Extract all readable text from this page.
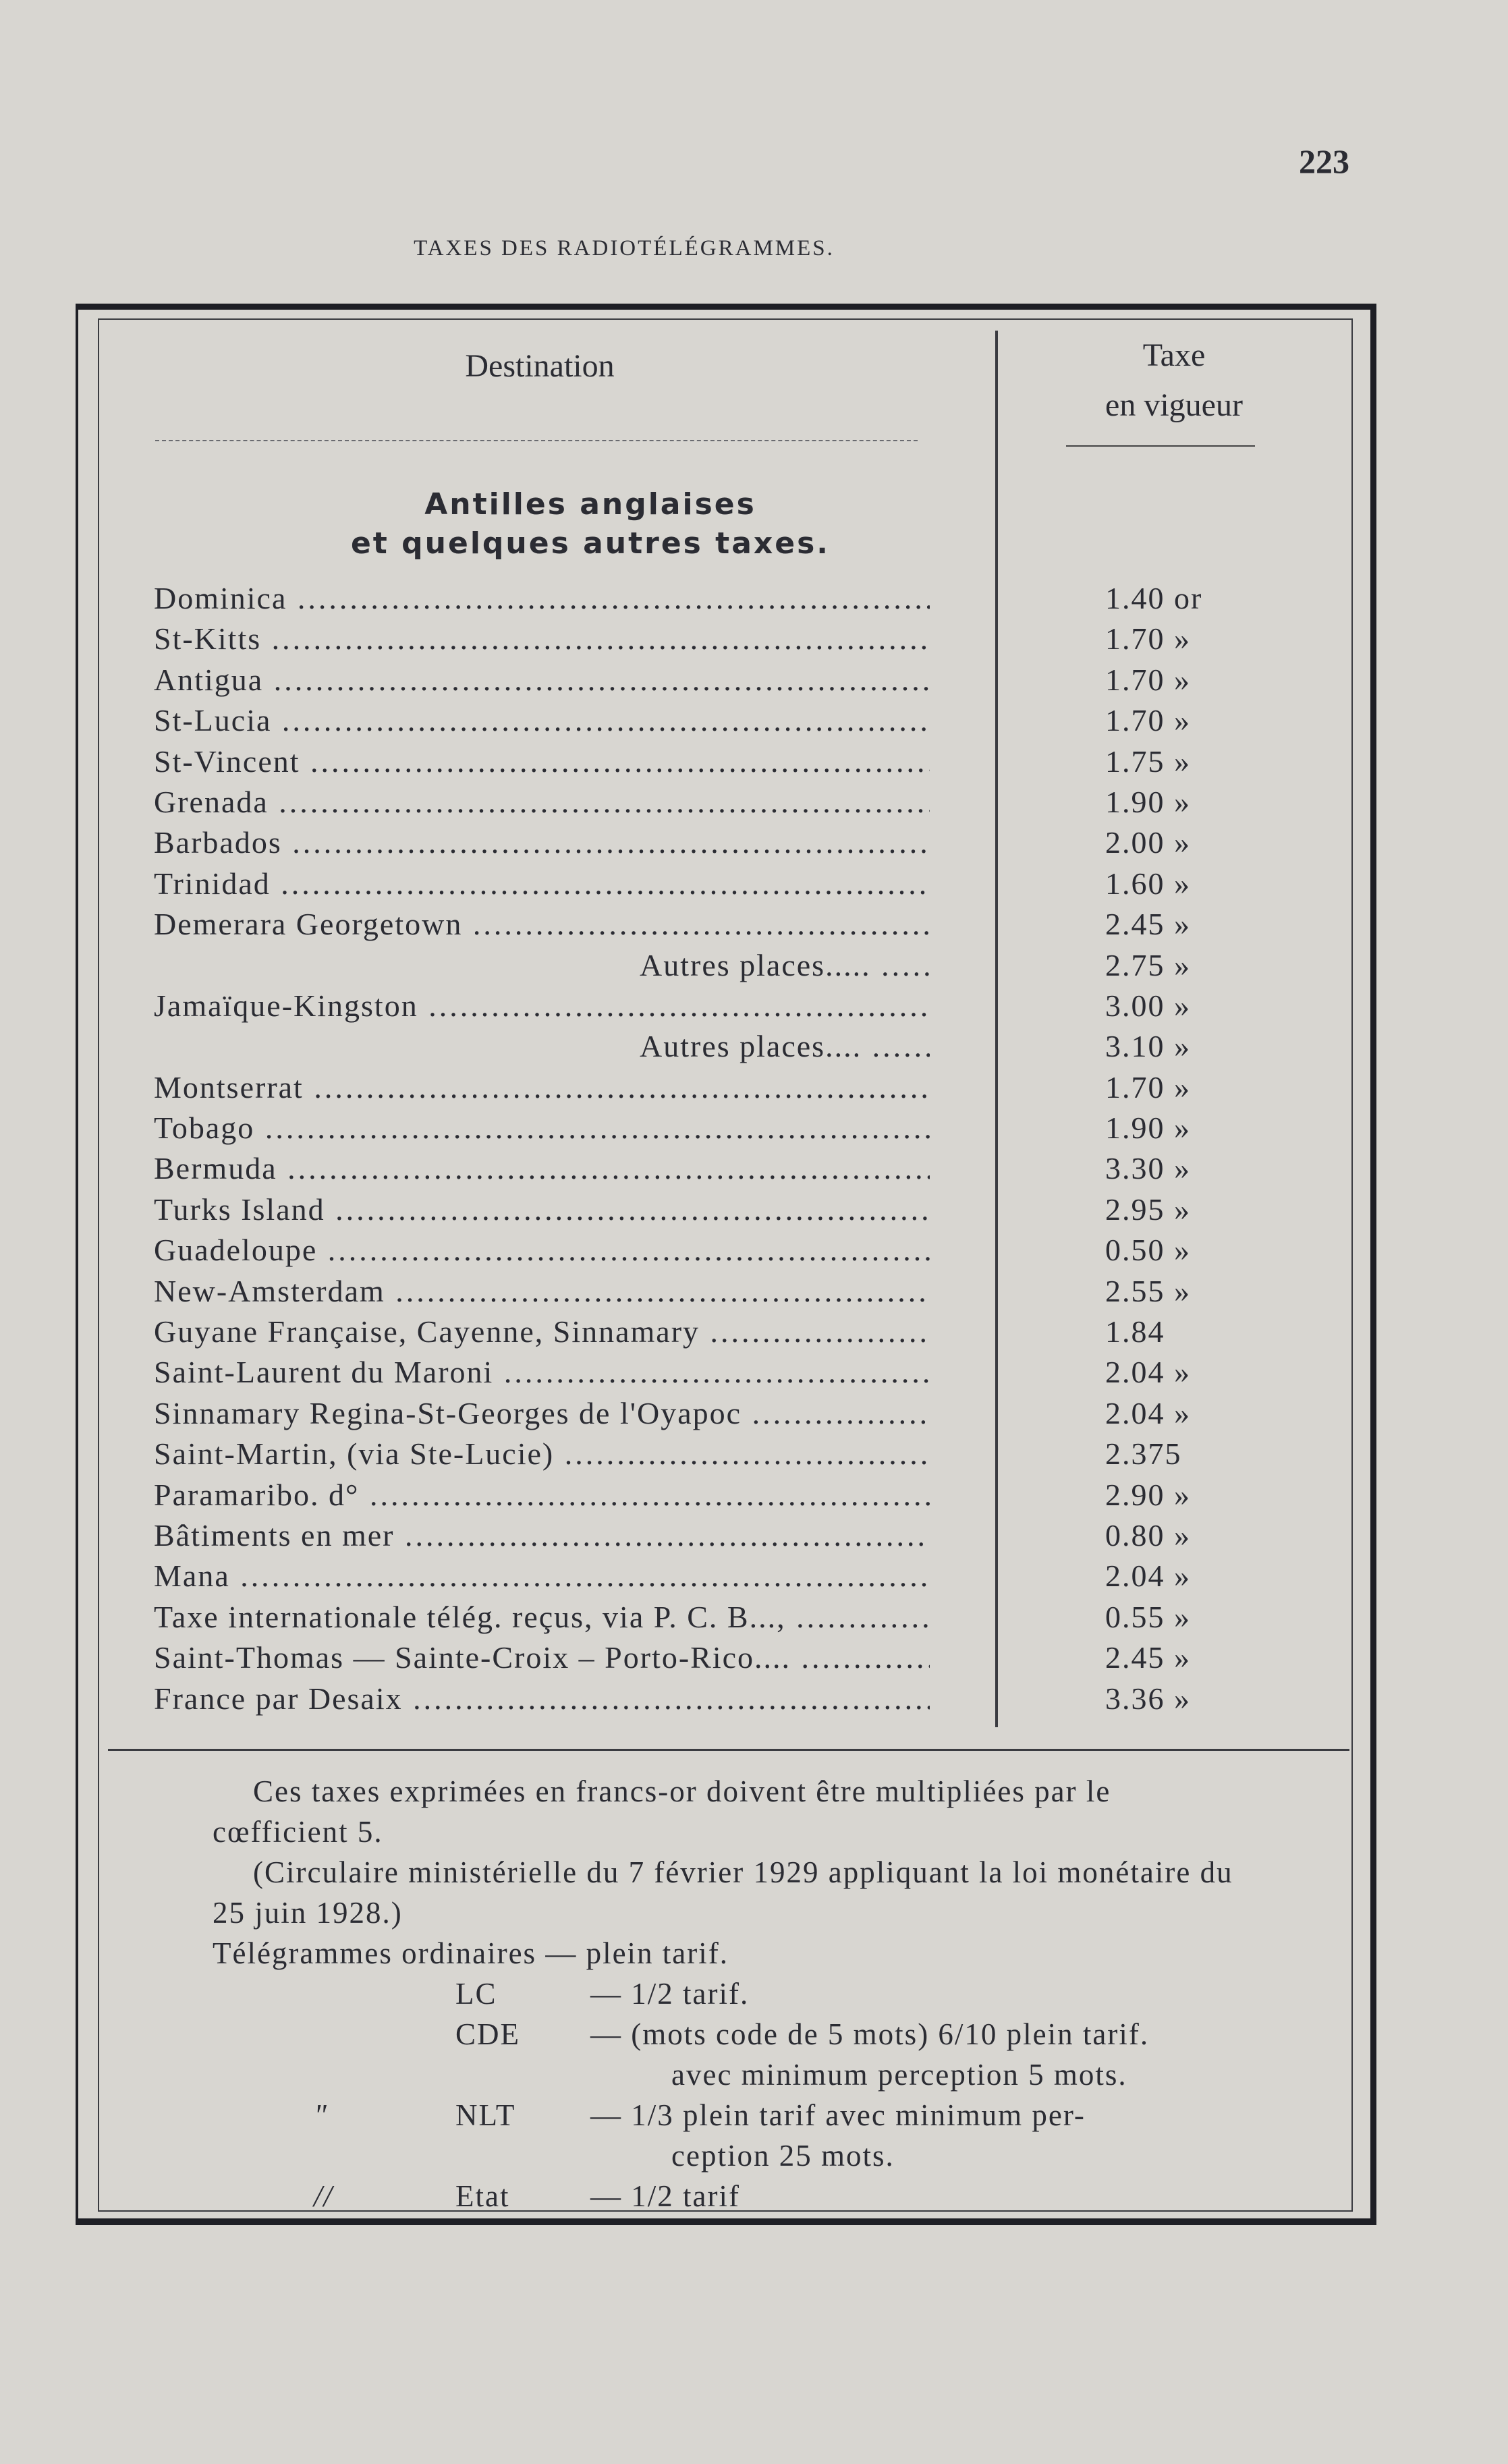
223
TAXES DES RADIOTÉLÉGRAMMES.
Destination	Taxe
en vigueur
Antilles anglaises
et quelques autres taxes.
Dominica .....	1.40 or
St-Kitts .....	1.70 »
Antigua .....	1.70 »
St-Lucia .....	1.70 »
St-Vincent .....	1.75 »
Grenada .....	1.90 »
Barbados .....	2.00 »
Trinidad .....	1.60 »
Demerara Georgetown .....	2.45 »
Autres places..... .....	2.75 »
Jamaïque-Kingston .....	3.00 »
Autres places.... .....	3.10 »
Montserrat .....	1.70 »
Tobago .....	1.90 »
Bermuda .....	3.30 »
Turks Island .....	2.95 »
Guadeloupe .....	0.50 »
New-Amsterdam .....	2.55 »
Guyane Française, Cayenne, Sinnamary .....	1.84
Saint-Laurent du Maroni .....	2.04 »
Sinnamary Regina-St-Georges de l'Oyapoc .....	2.04 »
Saint-Martin, (via Ste-Lucie) .....	2.375
Paramaribo. d° .....	2.90 »
Bâtiments en mer .....	0.80 »
Mana .....	2.04 »
Taxe internationale télég. reçus, via P. C. B..., .....	0.55 »
Saint-Thomas — Sainte-Croix – Porto-Rico.... .....	2.45 »
France par Desaix .....	3.36 »

Ces taxes exprimées en francs-or doivent être multipliées par le cœfficient 5.

(Circulaire ministérielle du 7 février 1929 appliquant la loi monétaire du 25 juin 1928.)

Télégrammes ordinaires — plein tarif.

LC	— 1/2 tarif.
CDE — (mots code de 5 mots) 6/10 plein tarif.
avec minimum perception 5 mots.
"	NLT — 1/3 plein tarif avec minimum per-
ception 25 mots.
//	Etat	— 1/2 tarif
